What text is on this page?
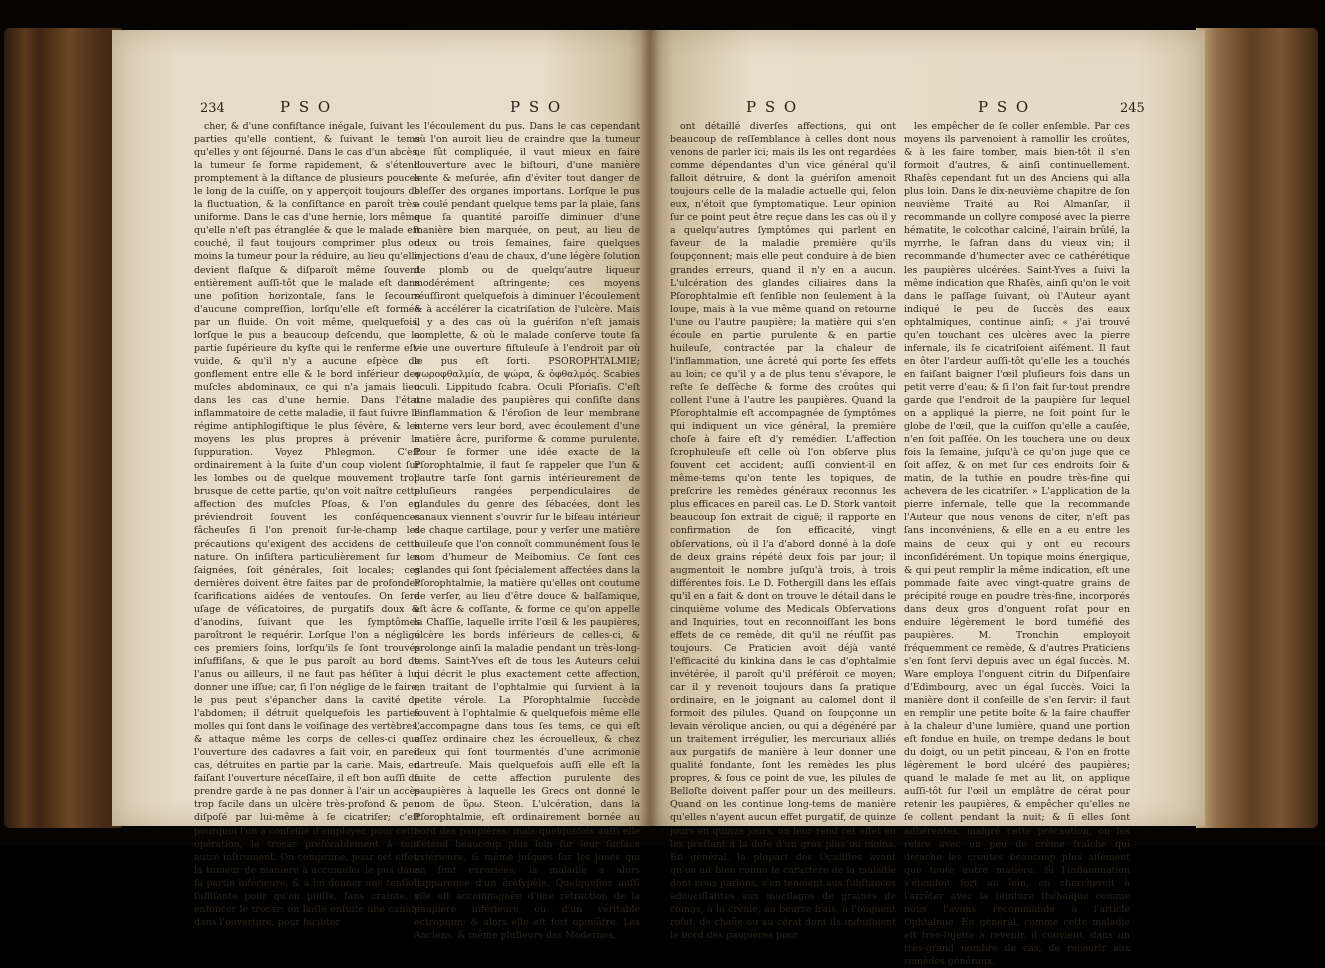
234	P S O	P S O

cher, & d'une confiſtance inégale, ſuivant les parties qu'elle contient, & ſuivant le tems qu'elles y ont ſéjourné. Dans le cas d'un abcès, la tumeur ſe forme rapidement, & s'étend promptement à la diſtance de plusieurs pouces le long de la cuiſſe, on y apperçoit toujours de la fluctuation, & la conſiſtance en paroît très-uniforme. Dans le cas d'une hernie, lors même qu'elle n'eſt pas étranglée & que le malade eſt couché, il faut toujours comprimer plus ou moins la tumeur pour la réduire, au lieu qu'elle devient flaſque & diſparoît même ſouvent entièrement auſſi-tôt que le malade eſt dans une poſition horizontale, ſans le ſecours d'aucune compreſſion, lorſqu'elle eſt formée par un fluide. On voit même, quelquefois, lorſque le pus a beaucoup deſcendu, que la partie ſupérieure du kyſte qui le renferme eſt-vuide, & qu'il n'y a aucune eſpèce de gonflement entre elle & le bord inférieur des muſcles abdominaux, ce qui n'a jamais lieu dans les cas d'une hernie. Dans l'état inflammatoire de cette maladie, il faut ſuivre le régime antiphlogiſtique le plus ſévère, & les moyens les plus propres à prévenir la ſuppuration. Voyez Phlegmon. C'eſt ordinairement à la ſuite d'un coup violent ſur les lombes ou de quelque mouvement trop brusque de cette partie, qu'on voit naître cette affection des muſcles Pſoas, & l'on en préviendroit ſouvent les conſéquences fâcheuſes ſi l'on prenoit ſur-le-champ les précautions qu'exigent des accidens de cette nature. On inſiſtera particulièrement ſur les ſaignées, ſoit générales, ſoit locales; ces dernières doivent être faites par de profondes ſcarifications aidées de ventouſes. On ſera uſage de véſicatoires, de purgatifs doux & d'anodins, ſuivant que les ſymptômes paroîtront le requérir. Lorſque l'on a négligé ces premiers ſoins, lorſqu'ils ſe ſont trouvés inſuffiſans, & que le pus paroît au bord de l'anus ou ailleurs, il ne faut pas héſiter à lui donner une iſſue; car, ſi l'on néglige de le faire, le pus peut s'épancher dans la cavité de l'abdomen; il détruit quelquefois les parties molles qui ſont dans le voiſinage des vertèbres, & attaque même les corps de celles-ci que l'ouverture des cadavres a fait voir, en pareil cas, détruites en partie par la carie. Mais, en faiſant l'ouverture néceſſaire, il eſt bon auſſi de prendre garde à ne pas donner à l'air un accès trop facile dans un ulcère très-profond & peu diſpoſé par lui-même à ſe cicatriſer; c'eſt pourquoi l'on a conſeillé d'employer, pour cette opération, le trocar préférablement à tout autre inſtrument. On comprime, pour cet effet, la tumeur de manière à accumuler le pus dans ſa partie inférieure, & à lui donner une tenſion ſuffiſante pour qu'on puiſſe, ſans crainte, y enfoncer le trocar; on laiſſe enſuite une canule dans l'ouverture, pour faciliter

l'écoulement du pus. Dans le cas cependant où l'on auroit lieu de craindre que la tumeur ne fût compliquée, il vaut mieux en faire l'ouverture avec le biſtouri, d'une manière lente & meſurée, afin d'éviter tout danger de bleſſer des organes importans. Lorſque le pus a coulé pendant quelque tems par la plaie, ſans que ſa quantité paroiſſe diminuer d'une manière bien marquée, on peut, au lieu de deux ou trois ſemaines, faire quelques injections d'eau de chaux, d'une légère ſolution de plomb ou de quelqu'autre liqueur modérément aſtringente; ces moyens réuſſiront quelquefois à diminuer l'écoulement & à accélérer la cicatriſation de l'ulcère. Mais il y a des cas où la guériſon n'eſt jamais complette, & où le malade conſerve toute ſa vie une ouverture fiſtuleuſe à l'endroit par où le pus eſt ſorti. PSOROPHTALMIE; ψωροφθαλμία, de ψώρα, & ὀφθαλμός. Scabies oculi. Lippitudo ſcabra. Oculi Pſoriaſis. C'eſt une maladie des paupières qui conſiſte dans l'inflammation & l'éroſion de leur membrane interne vers leur bord, avec écoulement d'une matière âcre, puriforme & comme purulente. Pour ſe former une idée exacte de la Pſorophtalmie, il faut ſe rappeler que l'un & l'autre tarſe ſont garnis intérieurement de pluſieurs rangées perpendiculaires de glandules du genre des ſébacées, dont les canaux viennent s'ouvrir ſur le biſeau intérieur de chaque cartilage, pour y verſer une matière huileuſe que l'on connoît communément ſous le nom d'humeur de Meibomius. Ce ſont ces glandes qui ſont ſpécialement affectées dans la Pſorophtalmie, la matière qu'elles ont coutume de verſer, au lieu d'être douce & balſamique, eſt âcre & coſſante, & forme ce qu'on appelle la Chaſſie, laquelle irrite l'œil & les paupières, ulcère les bords inférieurs de celles-ci, & prolonge ainſi la maladie pendant un très-long-tems. Saint-Yves eſt de tous les Auteurs celui qui décrit le plus exactement cette affection, en traitant de l'ophtalmie qui ſurvient à la petite vérole. La Pſorophtalmie ſuccède ſouvent à l'ophtalmie & quelquefois même elle l'accompagne dans tous ſes tems, ce qui eſt aſſez ordinaire chez les écrouelleux, & chez ceux qui ſont tourmentés d'une acrimonie dartreuſe. Mais quelquefois auſſi elle eſt la ſuite de cette affection purulente des paupières à laquelle les Grecs ont donné le nom de ὕρω. Steon. L'ulcération, dans la Pſorophtalmie, eſt ordinairement bornée au bord des paupières; mais quelquefois auſſi elle s'étend beaucoup plus loin ſur leur ſurface extérieure, & même juſques ſur les joues qui en ſont excoriées; la maladie a alors l'apparence d'un éréſypèle. Quelquefois auſſi elle eſt accompagnée d'une rétraction de la paupière inférieure ou d'un véritable ectropium; & alors elle eſt fort opiniâtre. Les Anciens, & même pluſieurs des Modernes,

P S O	P S O	245

ont détaillé diverſes affections, qui ont beaucoup de reſſemblance à celles dont nous venons de parler ici; mais ils les ont regardées comme dépendantes d'un vice général qu'il falloit détruire, & dont la guériſon amenoit toujours celle de la maladie actuelle qui, ſelon eux, n'étoit que ſymptomatique. Leur opinion ſur ce point peut être reçue dans les cas où il y a quelqu'autres ſymptômes qui parlent en faveur de la maladie première qu'ils ſoupçonnent; mais elle peut conduire à de bien grandes erreurs, quand il n'y en a aucun. L'ulcération des glandes ciliaires dans la Pſorophtalmie eſt ſenſible non ſeulement à la loupe, mais à la vue même quand on retourne l'une ou l'autre paupière; la matière qui s'en écoule en partie purulente & en partie huileuſe, contractée par la chaleur de l'inflammation, une âcreté qui porte ſes effets au loin; ce qu'il y a de plus tenu s'évapore, le reſte ſe deſſèche & forme des croûtes qui collent l'une à l'autre les paupières. Quand la Pſorophtalmie eſt accompagnée de ſymptômes qui indiquent un vice général, la première choſe à faire eſt d'y remédier. L'affection ſcrophuleuſe eſt celle où l'on obſerve plus ſouvent cet accident; auſſi convient-il en même-tems qu'on tente les topiques, de preſcrire les remèdes généraux reconnus les plus efficaces en pareil cas. Le D. Stork vantoit beaucoup ſon extrait de ciguë; il rapporte en confirmation de ſon efficacité, vingt obſervations, où il l'a d'abord donné à la doſe de deux grains répété deux fois par jour; il augmentoit le nombre juſqu'à trois, à trois différentes fois. Le D. Fothergill dans les eſſais qu'il en a fait & dont on trouve le détail dans le cinquième volume des Medicals Obſervations and Inquiries, tout en reconnoiſſant les bons effets de ce remède, dit qu'il ne réuſſit pas toujours. Ce Praticien avoit déjà vanté l'efficacité du kinkina dans le cas d'ophtalmie invétérée, il paroît qu'il préféroit ce moyen; car il y revenoit toujours dans ſa pratique ordinaire, en le joignant au calomel dont il formoit des pilules. Quand on ſoupçonne un levain vérolique ancien, ou qui a dégénéré par un traitement irrégulier, les mercuriaux alliés aux purgatifs de manière à leur donner une qualité fondante, ſont les remèdes les plus propres, & ſous ce point de vue, les pilules de Belloſte doivent paſſer pour un des meilleurs. Quand on les continue long-tems de manière qu'elles n'ayent aucun effet purgatif, de quinze jours en quinze jours, on leur rend cet effet en les preſſant à la doſe d'un gros plus ou moins. En général, la plupart des Oculiſtes avant qu'on ait bien connu le caractère de la maladie dont nous parlons, s'en tenoient aux ſubſtances adouciſſantes aux mucilages de graines de coings, à la crème, au beurre frais, à l'onguent roſat, de chaûe ou au cérat dont ils induiſoient le bord des paupières pour

les empêcher de ſe coller enſemble. Par ces moyens ils parvenoient à ramollir les croûtes, & à les faire tomber, mais bien-tôt il s'en formoit d'autres, & ainſi continuellement. Rhaſès cependant fut un des Anciens qui alla plus loin. Dans le dix-neuvième chapitre de ſon neuvième Traité au Roi Almanſar, il recommande un collyre composé avec la pierre hématite, le colcothar calciné, l'airain brûlé, la myrrhe, le ſafran dans du vieux vin; il recommande d'humecter avec ce cathérétique les paupières ulcérées. Saint-Yves a ſuivi la même indication que Rhaſès, ainſi qu'on le voit dans le paſſage ſuivant, où l'Auteur ayant indiqué le peu de ſuccès des eaux ophtalmiques, continue ainſi; « j'ai trouvé qu'en touchant ces ulcères avec la pierre infernale, ils ſe cicatriſoient aiſément. Il faut en ôter l'ardeur auſſi-tôt qu'elle les a touchés en faiſant baigner l'œil pluſieurs fois dans un petit verre d'eau; & ſi l'on fait ſur-tout prendre garde que l'endroit de la paupière ſur lequel on a appliqué la pierre, ne ſoit point ſur le globe de l'œil, que la cuiſſon qu'elle a cauſée, n'en ſoit paſſée. On les touchera une ou deux fois la ſemaine, juſqu'à ce qu'on juge que ce ſoit aſſez, & on met ſur ces endroits ſoir & matin, de la tuthie en poudre très-fine qui achevera de les cicatriſer. » L'application de la pierre infernale, telle que la recommande l'Auteur que nous venons de citer, n'eſt pas ſans inconvéniens, & elle en a eu entre les mains de ceux qui y ont eu recours inconſidérément. Un topique moins énergique, & qui peut remplir la même indication, eſt une pommade faite avec vingt-quatre grains de précipité rouge en poudre très-fine, incorporés dans deux gros d'onguent roſat pour en enduire légèrement le bord tuméfié des paupières. M. Tronchin employoit fréquemment ce remède, & d'autres Praticiens s'en ſont ſervi depuis avec un égal ſuccès. M. Ware employa l'onguent citrin du Diſpenſaire d'Edimbourg, avec un égal ſuccès. Voici la manière dont il conſeille de s'en ſervir: il faut en remplir une petite boîte & la faire chauffer à la chaleur d'une lumière, quand une portion eſt fondue en huile, on trempe dedans le bout du doigt, ou un petit pinceau, & l'on en frotte légèrement le bord ulcéré des paupières; quand le malade ſe met au lit, on applique auſſi-tôt ſur l'œil un emplâtre de cérat pour retenir les paupières, & empêcher qu'elles ne ſe collent pendant la nuit; & ſi elles ſont adhérentes, malgré cette précaution, on les retire avec un peu de crème fraîche qui détache les croûtes beaucoup plus aiſément que toute autre matière. Si l'inflammation s'étendoit fort au loin, on chercheroit à l'arrêter avec la teinture thébaïque comme nous l'avons recommandé à l'article Ophtalmie. En général, comme cette maladie eſt très-ſujette à revenir, il convient, dans un très-grand nombre de cas, de recourir aux remèdes généraux,
